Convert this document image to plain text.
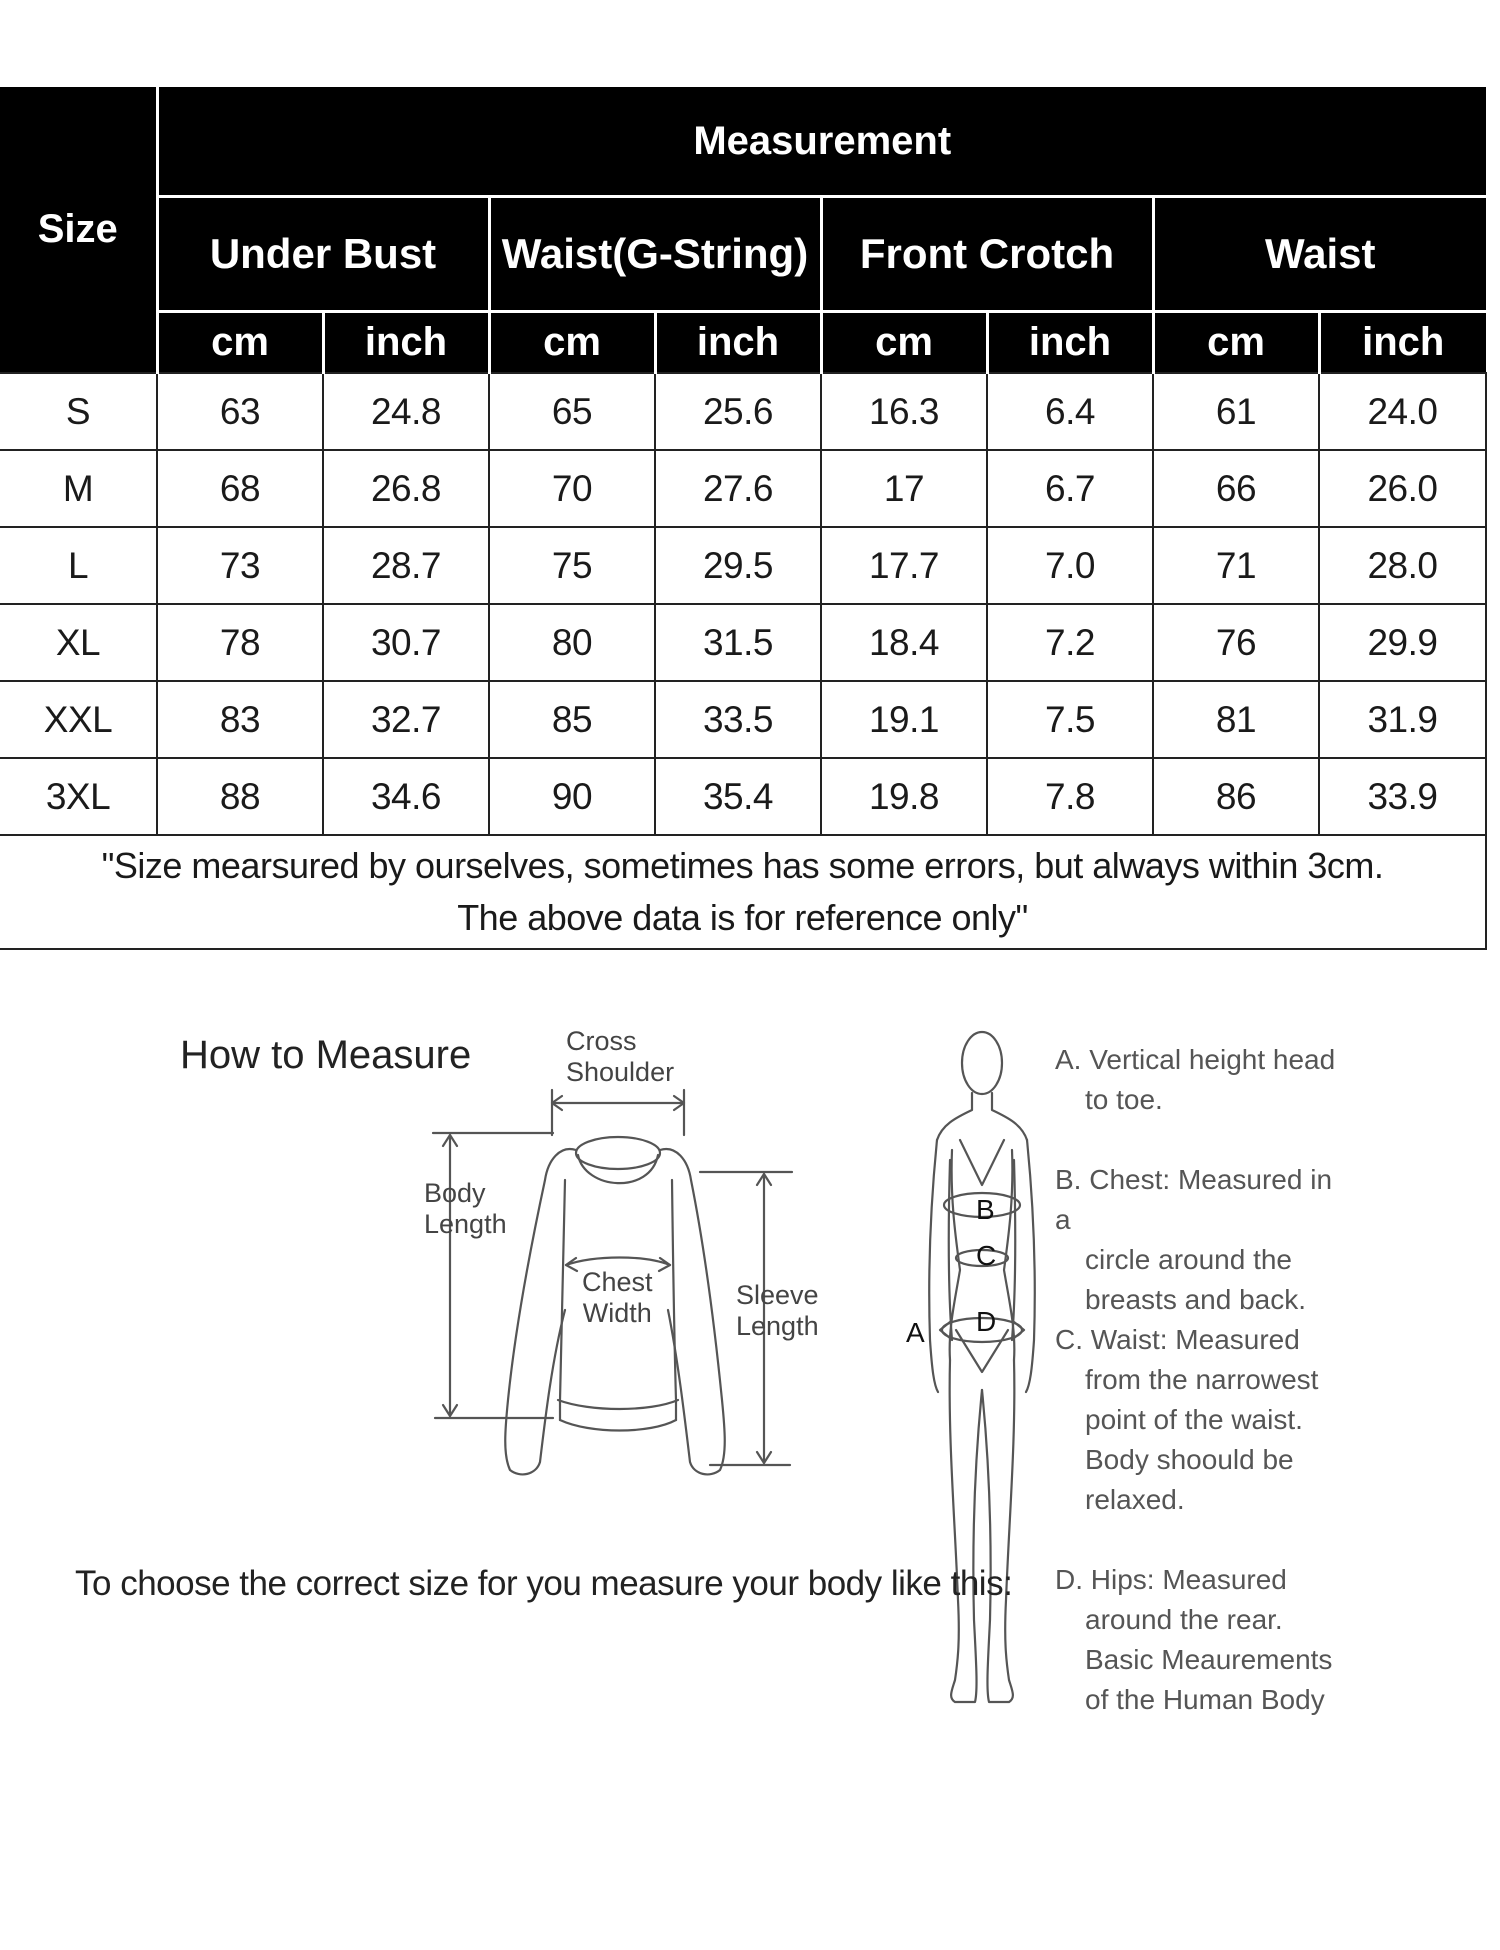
Size	Measurement							
	Under Bust		Waist(G-String)		Front Crotch		Waist	
	cm	inch	cm	inch	cm	inch	cm	inch
S	63	24.8	65	25.6	16.3	6.4	61	24.0
M	68	26.8	70	27.6	17	6.7	66	26.0
L	73	28.7	75	29.5	17.7	7.0	71	28.0
XL	78	30.7	80	31.5	18.4	7.2	76	29.9
XXL	83	32.7	85	33.5	19.1	7.5	81	31.9
3XL	88	34.6	90	35.4	19.8	7.8	86	33.9

"Size mearsured by ourselves, sometimes has some errors, but always within 3cm.
The above data is for reference only"								
How to Measure	Cross
Shoulder
Body
Length
Chest
Width
Sleeve
Length
B
C
D
A
A. Vertical height head
to toe.
B. Chest: Measured in a
circle around the
breasts and back.
C. Waist: Measured
from the narrowest
point of the waist.
Body shoould be
relaxed.
D. Hips: Measured
around the rear.
Basic Meaurements
of the Human Body
To choose the correct size for you measure your body like this:
